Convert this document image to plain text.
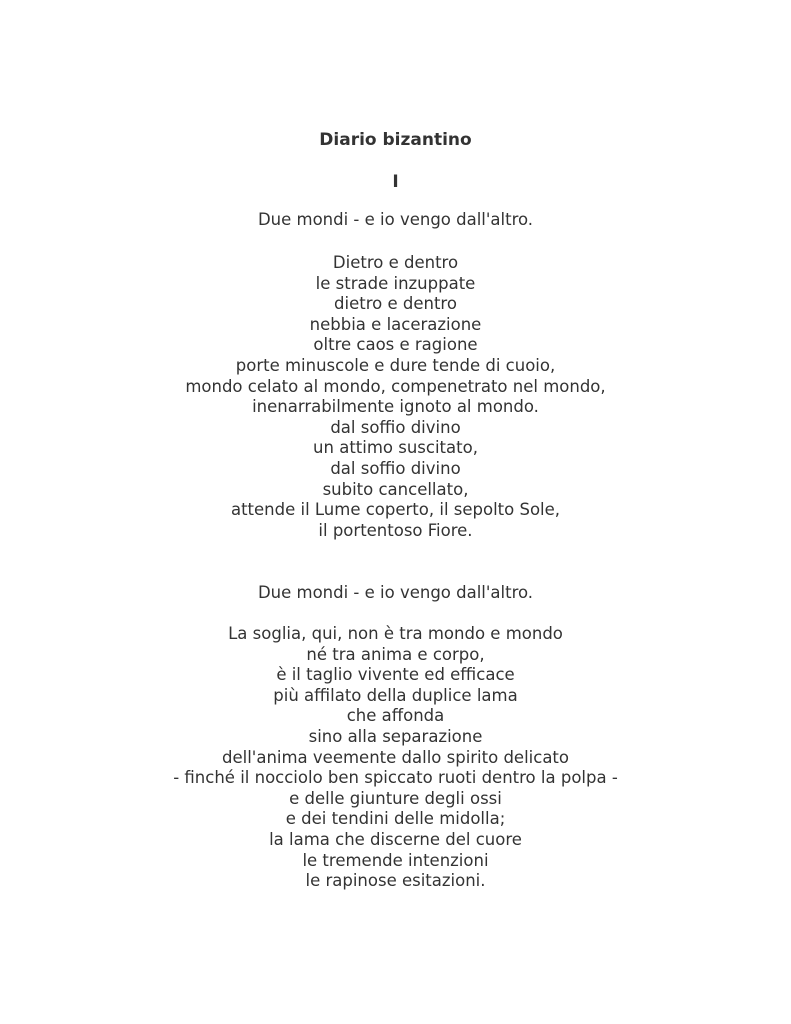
Diario bizantino
I
Due mondi - e io vengo dall'altro.
Dietro e dentro
le strade inzuppate
dietro e dentro
nebbia e lacerazione
oltre caos e ragione
porte minuscole e dure tende di cuoio,
mondo celato al mondo, compenetrato nel mondo,
inenarrabilmente ignoto al mondo.
dal soffio divino
un attimo suscitato,
dal soffio divino
subito cancellato,
attende il Lume coperto, il sepolto Sole,
il portentoso Fiore.
Due mondi - e io vengo dall'altro.
La soglia, qui, non è tra mondo e mondo
né tra anima e corpo,
è il taglio vivente ed efficace
più affilato della duplice lama
che affonda
sino alla separazione
dell'anima veemente dallo spirito delicato
- finché il nocciolo ben spiccato ruoti dentro la polpa -
e delle giunture degli ossi
e dei tendini delle midolla;
la lama che discerne del cuore
le tremende intenzioni
le rapinose esitazioni.
